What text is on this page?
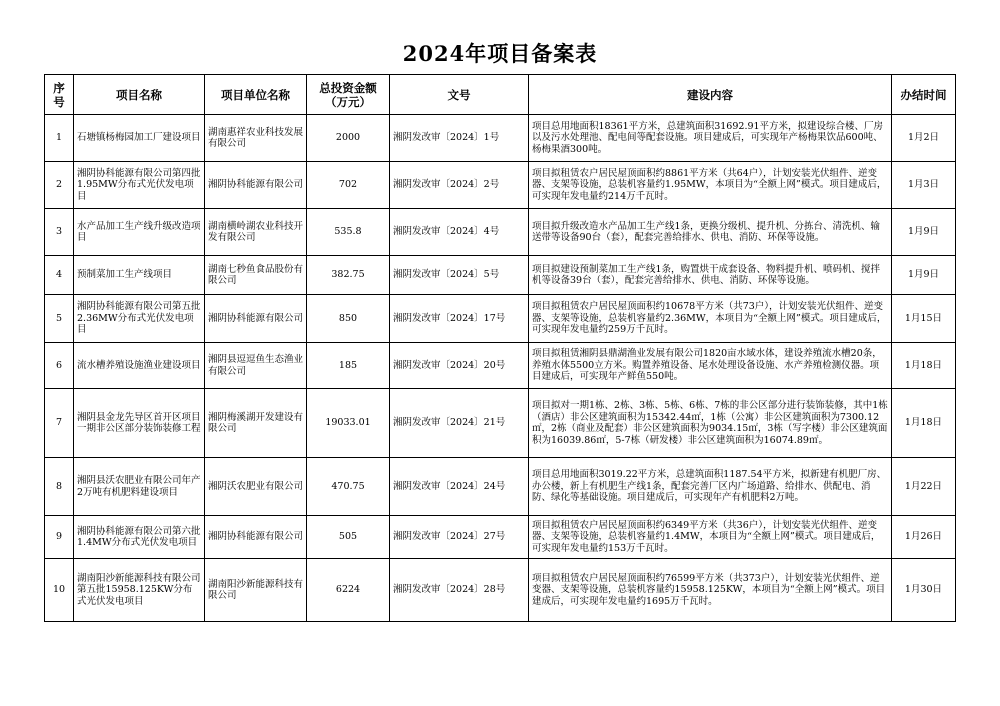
2024年项目备案表
序号	项目名称	项目单位名称	总投资金额（万元）	文号	建设内容	办结时间
1	石塘镇杨梅园加工厂建设项目	湖南惠祥农业科技发展有限公司	2000	湘阴发改审〔2024〕1号	项目总用地面积18361平方米，总建筑面积31692.91平方米，拟建设综合楼、厂房以及污水处理池、配电间等配套设施。项目建成后，可实现年产杨梅果饮品600吨、杨梅果酒300吨。	1月2日
2	湘阴协科能源有限公司第四批1.95MW分布式光伏发电项目	湘阴协科能源有限公司	702	湘阴发改审〔2024〕2号	项目拟租赁农户居民屋顶面积约8861平方米（共64户），计划安装光伏组件、逆变器、支架等设施，总装机容量约1.95MW，本项目为“全额上网”模式。项目建成后，可实现年发电量约214万千瓦时。	1月3日
3	水产品加工生产线升级改造项目	湖南横岭湖农业科技开发有限公司	535.8	湘阴发改审〔2024〕4号	项目拟升级改造水产品加工生产线1条，更换分级机、提升机、分拣台、清洗机、输送带等设备90台（套），配套完善给排水、供电、消防、环保等设施。	1月9日
4	预制菜加工生产线项目	湖南七秒鱼食品股份有限公司	382.75	湘阴发改审〔2024〕5号	项目拟建设预制菜加工生产线1条，购置烘干成套设备、物料提升机、喷码机、搅拌机等设备39台（套），配套完善给排水、供电、消防、环保等设施。	1月9日
5	湘阴协科能源有限公司第五批2.36MW分布式光伏发电项目	湘阴协科能源有限公司	850	湘阴发改审〔2024〕17号	项目拟租赁农户居民屋顶面积约10678平方米（共73户），计划安装光伏组件、逆变器、支架等设施，总装机容量约2.36MW，本项目为“全额上网”模式。项目建成后，可实现年发电量约259万千瓦时。	1月15日
6	流水槽养殖设施渔业建设项目	湘阴县逗逗鱼生态渔业有限公司	185	湘阴发改审〔2024〕20号	项目拟租赁湘阴县鼎湖渔业发展有限公司1820亩水域水体，建设养殖流水槽20条，养殖水体5500立方米。购置养殖设备、尾水处理设备设施、水产养殖检测仪器。项目建成后，可实现年产鲜鱼550吨。	1月18日
7	湘阴县金龙先导区首开区项目一期非公区部分装饰装修工程	湘阴梅溪湖开发建设有限公司	19033.01	湘阴发改审〔2024〕21号	项目拟对一期1栋、2栋、3栋、5栋、6栋、7栋的非公区部分进行装饰装修，其中1栋（酒店）非公区建筑面积为15342.44㎡，1栋（公寓）非公区建筑面积为7300.12㎡，2栋（商业及配套）非公区建筑面积为9034.15㎡，3栋（写字楼）非公区建筑面积为16039.86㎡，5-7栋（研发楼）非公区建筑面积为16074.89㎡。	1月18日
8	湘阴县沃农肥业有限公司年产2万吨有机肥料建设项目	湘阴沃农肥业有限公司	470.75	湘阴发改审〔2024〕24号	项目总用地面积3019.22平方米，总建筑面积1187.54平方米，拟新建有机肥厂房、办公楼，新上有机肥生产线1条，配套完善厂区内广场道路、给排水、供配电、消防、绿化等基础设施。项目建成后，可实现年产有机肥料2万吨。	1月22日
9	湘阴协科能源有限公司第六批1.4MW分布式光伏发电项目	湘阴协科能源有限公司	505	湘阴发改审〔2024〕27号	项目拟租赁农户居民屋顶面积约6349平方米（共36户），计划安装光伏组件、逆变器、支架等设施，总装机容量约1.4MW，本项目为“全额上网”模式。项目建成后，可实现年发电量约153万千瓦时。	1月26日
10	湖南阳沙新能源科技有限公司第五批15958.125KW分布式光伏发电项目	湖南阳沙新能源科技有限公司	6224	湘阴发改审〔2024〕28号	项目拟租赁农户居民屋顶面积约76599平方米（共373户），计划安装光伏组件、逆变器、支架等设施，总装机容量约15958.125KW，本项目为“全额上网”模式。项目建成后，可实现年发电量约1695万千瓦时。	1月30日
